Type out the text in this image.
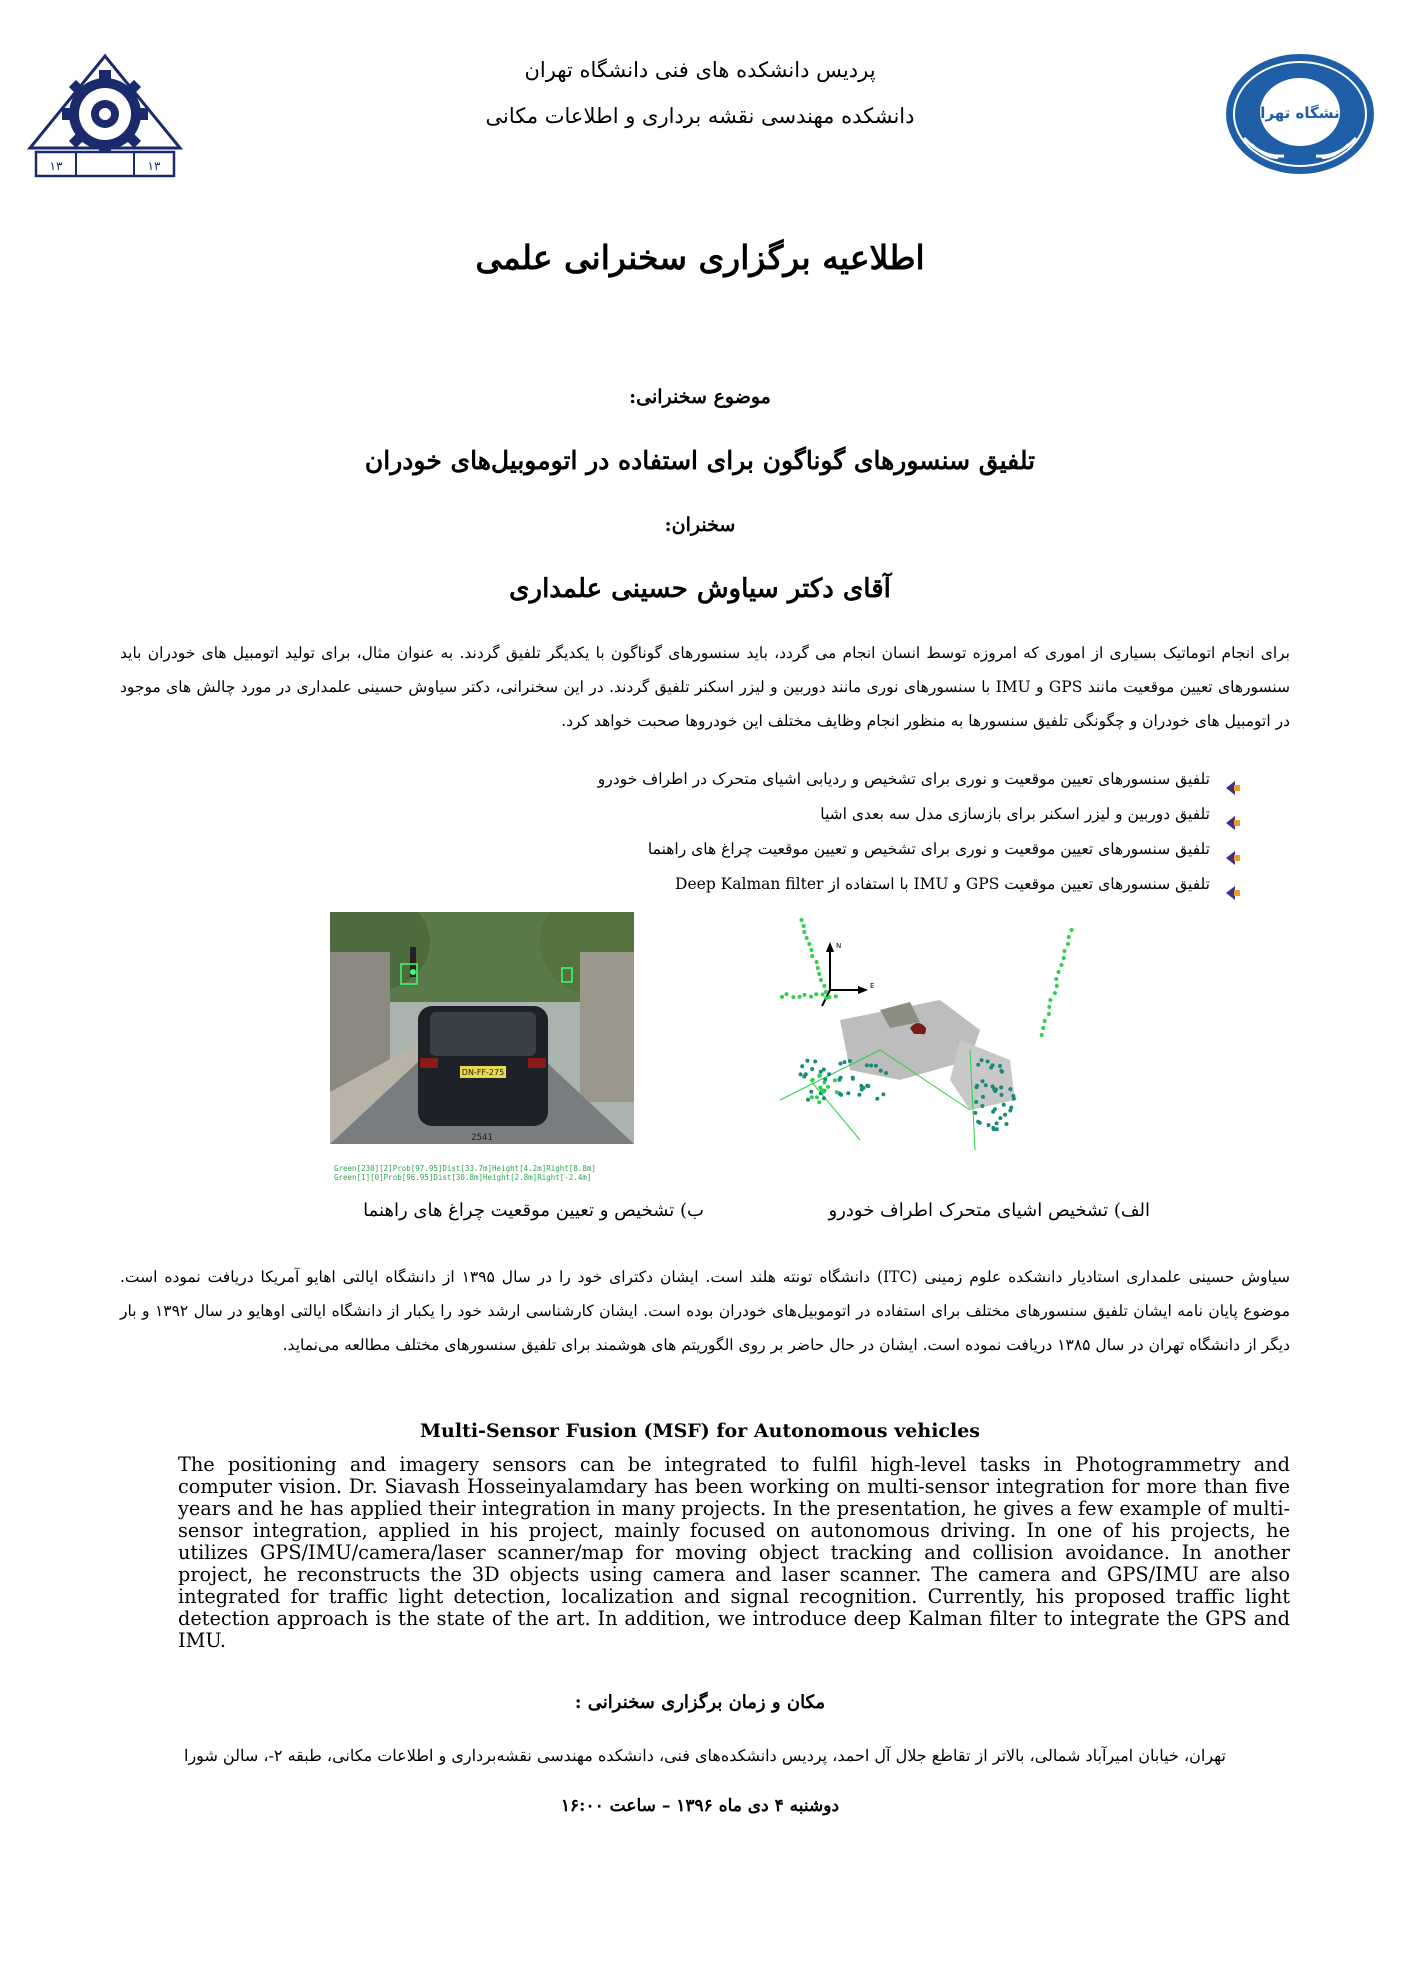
۱۳	۱۳
دانشگاه تهران
پردیس دانشکده های فنی دانشگاه تهران
دانشکده مهندسی نقشه برداری و اطلاعات مکانی
اطلاعیه برگزاری سخنرانی علمی
موضوع سخنرانی:
تلفیق سنسورهای گوناگون برای استفاده در اتوموبیل‌های خودران
سخنران:
آقای دکتر سیاوش حسینی علمداری
برای انجام اتوماتیک بسیاری از اموری که امروزه توسط انسان انجام می گردد، باید سنسورهای گوناگون با یکدیگر تلفیق گردند. به عنوان مثال، برای تولید اتومبیل های خودران باید سنسورهای تعیین موقعیت مانند GPS و IMU با سنسورهای نوری مانند دوربین و لیزر اسکنر تلفیق گردند. در این سخنرانی، دکتر سیاوش حسینی علمداری در مورد چالش های موجود در اتومبیل های خودران و چگونگی تلفیق سنسورها به منظور انجام وظایف مختلف این خودروها صحبت خواهد کرد.
تلفیق سنسورهای تعیین موقعیت و نوری برای تشخیص و ردیابی اشیای متحرک در اطراف خودرو
تلفیق دوربین و لیزر اسکنر برای بازسازی مدل سه بعدی اشیا
تلفیق سنسورهای تعیین موقعیت و نوری برای تشخیص و تعیین موقعیت چراغ های راهنما
تلفیق سنسورهای تعیین موقعیت GPS و IMU با استفاده از Deep Kalman filter
DN-FF-275
2541
Green[230][2]Prob[97.95]Dist[33.7m]Height[4.2m]Right[8.8m]
Green[1][0]Prob[96.95]Dist[30.8m]Height[2.8m]Right[-2.4m]
N
E
ب) تشخیص و تعیین موقعیت چراغ های راهنما	الف) تشخیص اشیای متحرک اطراف خودرو
سیاوش حسینی علمداری استادیار دانشکده علوم زمینی (ITC) دانشگاه تونته هلند است. ایشان دکترای خود را در سال ۱۳۹۵ از دانشگاه ایالتی اهایو آمریکا دریافت نموده است. موضوع پایان نامه ایشان تلفیق سنسورهای مختلف برای استفاده در اتوموبیل‌های خودران بوده است. ایشان کارشناسی ارشد خود را یکبار از دانشگاه ایالتی اوهایو در سال ۱۳۹۲ و بار دیگر از دانشگاه تهران در سال ۱۳۸۵ دریافت نموده است. ایشان در حال حاضر بر روی الگوریتم های هوشمند برای تلفیق سنسورهای مختلف مطالعه می‌نماید.
Multi-Sensor Fusion (MSF) for Autonomous vehicles
The positioning and imagery sensors can be integrated to fulfil high-level tasks in Photogrammetry and computer vision. Dr. Siavash Hosseinyalamdary has been working on multi-sensor integration for more than five years and he has applied their integration in many projects. In the presentation, he gives a few example of multi-sensor integration, applied in his project, mainly focused on autonomous driving. In one of his projects, he utilizes GPS/IMU/camera/laser scanner/map for moving object tracking and collision avoidance. In another project, he reconstructs the 3D objects using camera and laser scanner. The camera and GPS/IMU are also integrated for traffic light detection, localization and signal recognition. Currently, his proposed traffic light detection approach is the state of the art. In addition, we introduce deep Kalman filter to integrate the GPS and IMU.
مکان و زمان برگزاری سخنرانی :
تهران، خیابان امیرآباد شمالی، بالاتر از تقاطع جلال آل احمد، پردیس دانشکده‌های فنی، دانشکده مهندسی نقشه‌برداری و اطلاعات مکانی، طبقه ۲-، سالن شورا
دوشنبه ۴ دی ماه ۱۳۹۶ – ساعت ۱۶:۰۰
